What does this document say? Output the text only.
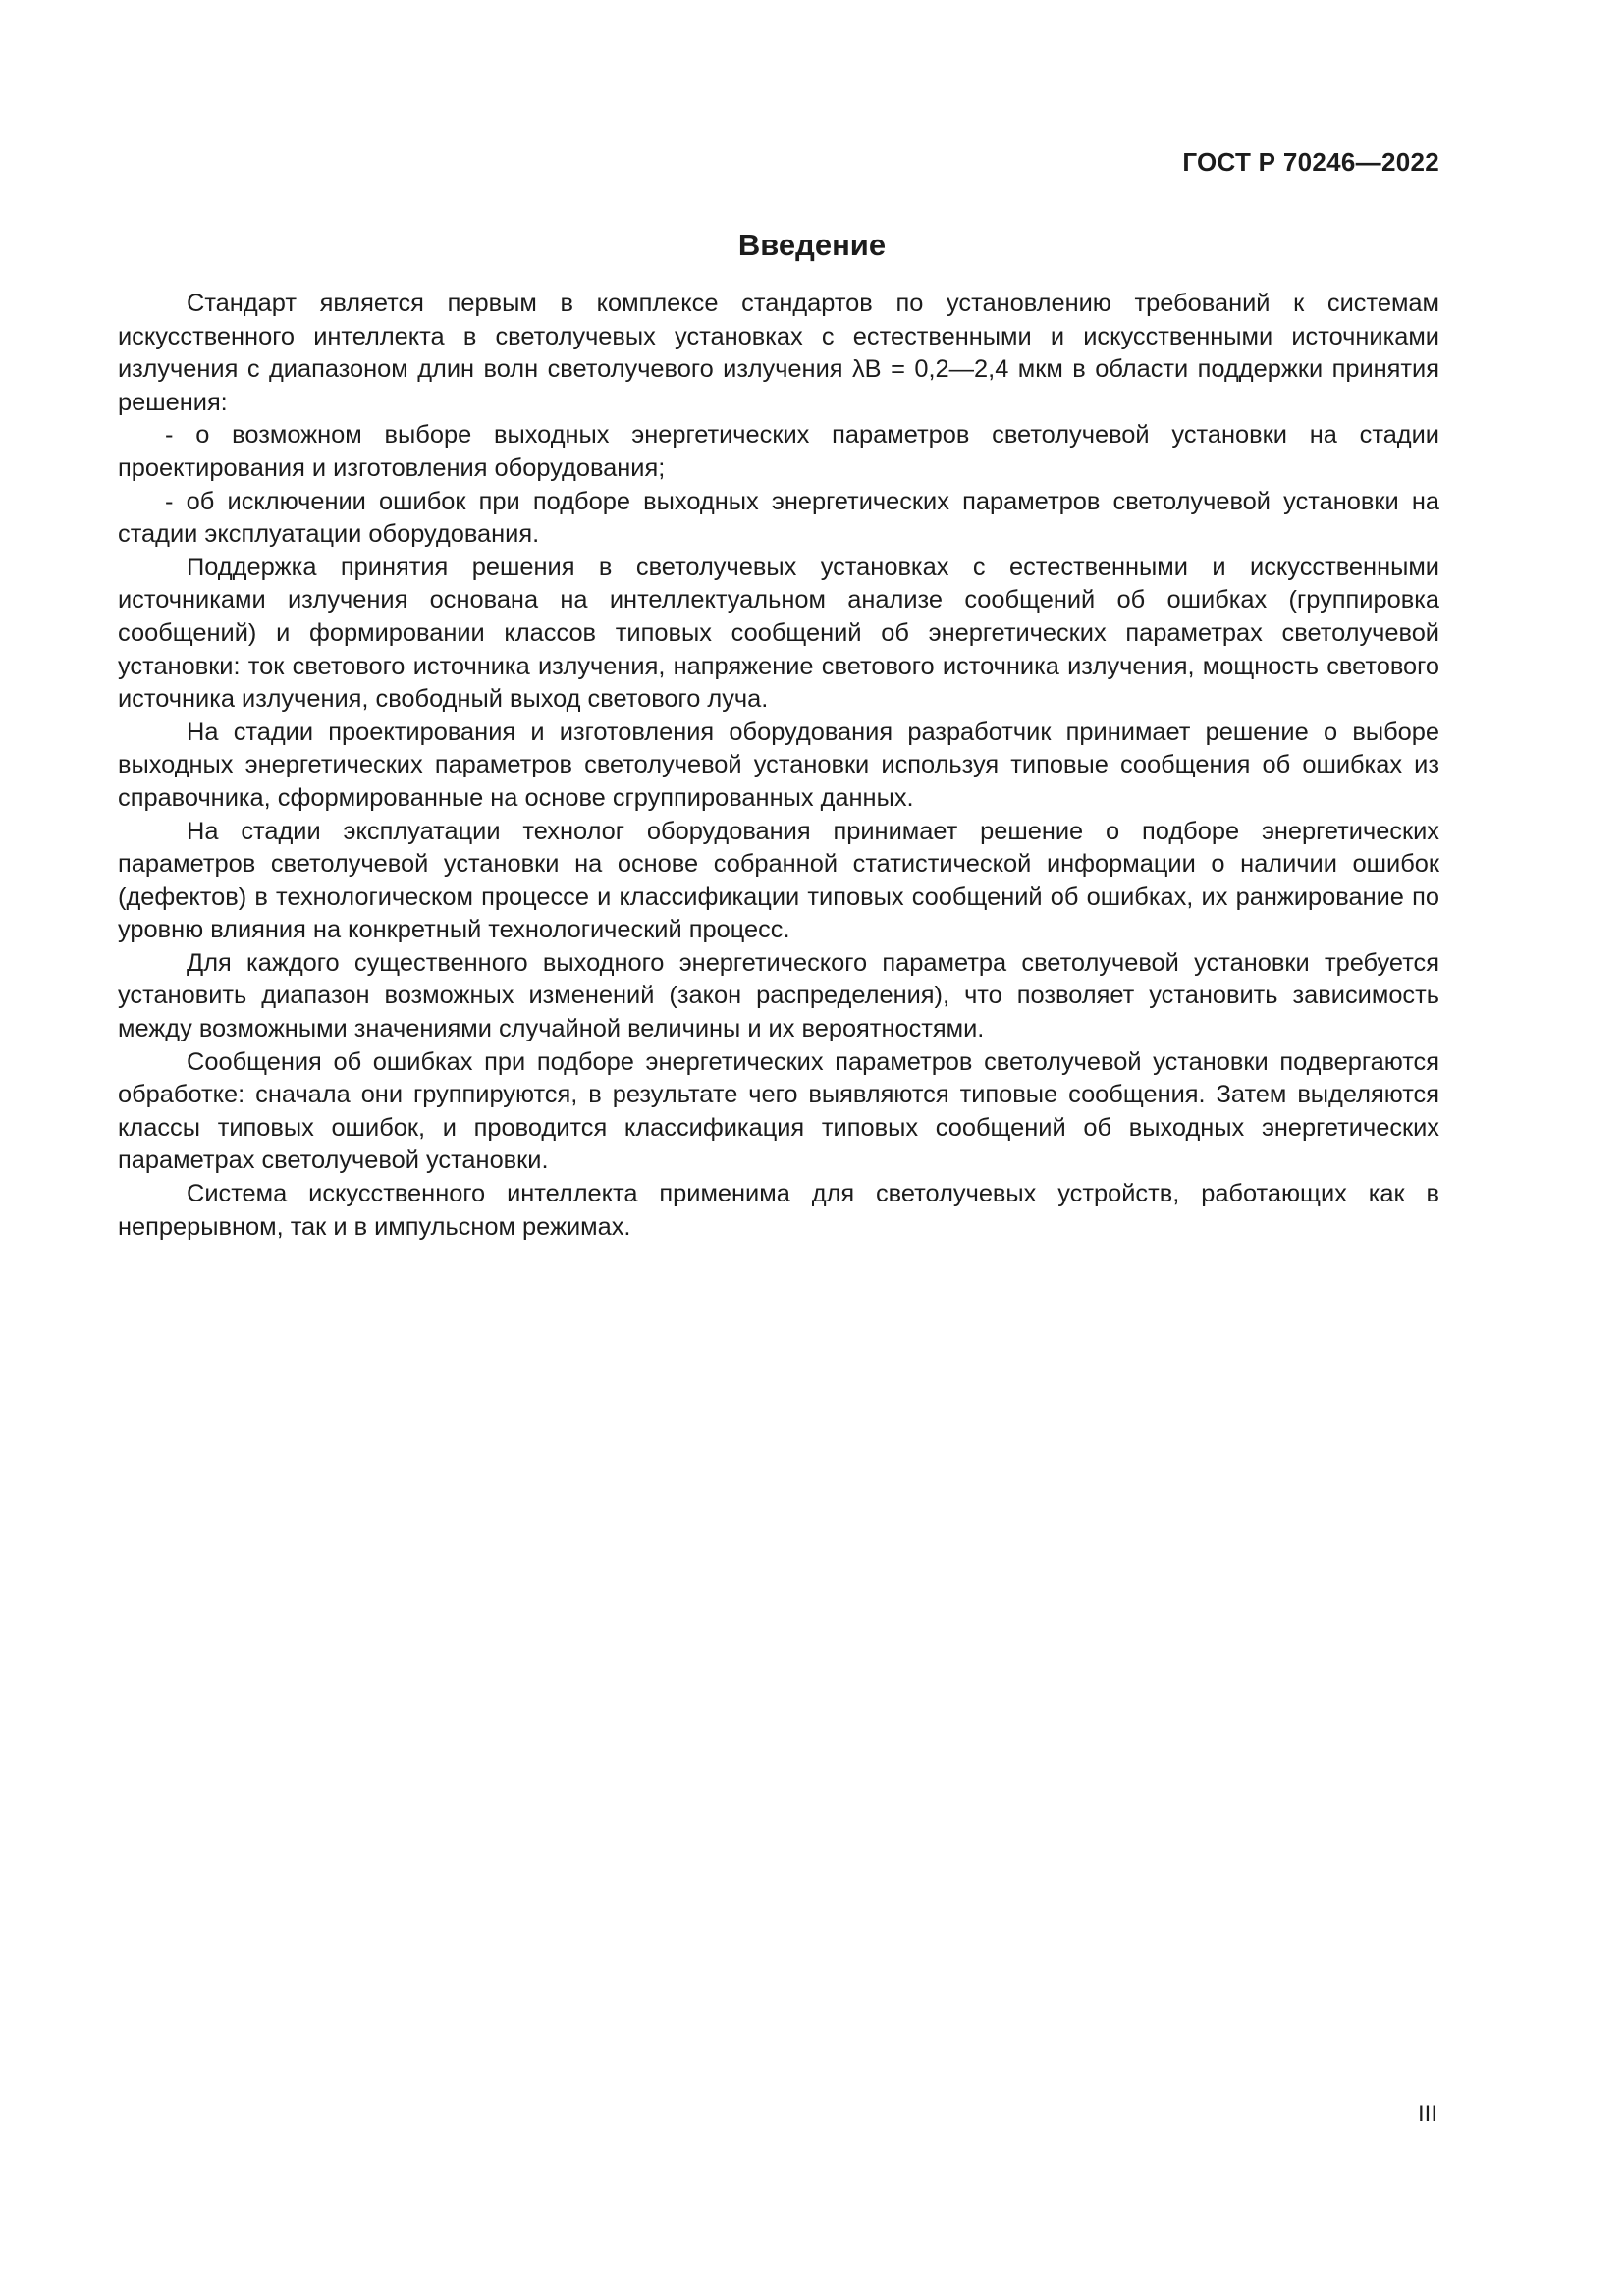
ГОСТ Р 70246—2022
Введение

Стандарт является первым в комплексе стандартов по установлению требований к системам искусственного интеллекта в светолучевых установках с естественными и искусственными источниками излучения с диапазоном длин волн светолучевого излучения λB = 0,2—2,4 мкм в области поддержки принятия решения:

- о возможном выборе выходных энергетических параметров светолучевой установки на стадии проектирования и изготовления оборудования;

- об исключении ошибок при подборе выходных энергетических параметров светолучевой установки на стадии эксплуатации оборудования.

Поддержка принятия решения в светолучевых установках с естественными и искусственными источниками излучения основана на интеллектуальном анализе сообщений об ошибках (группировка сообщений) и формировании классов типовых сообщений об энергетических параметрах светолучевой установки: ток светового источника излучения, напряжение светового источника излучения, мощность светового источника излучения, свободный выход светового луча.

На стадии проектирования и изготовления оборудования разработчик принимает решение о выборе выходных энергетических параметров светолучевой установки используя типовые сообщения об ошибках из справочника, сформированные на основе сгруппированных данных.

На стадии эксплуатации технолог оборудования принимает решение о подборе энергетических параметров светолучевой установки на основе собранной статистической информации о наличии ошибок (дефектов) в технологическом процессе и классификации типовых сообщений об ошибках, их ранжирование по уровню влияния на конкретный технологический процесс.

Для каждого существенного выходного энергетического параметра светолучевой установки требуется установить диапазон возможных изменений (закон распределения), что позволяет установить зависимость между возможными значениями случайной величины и их вероятностями.

Сообщения об ошибках при подборе энергетических параметров светолучевой установки подвергаются обработке: сначала они группируются, в результате чего выявляются типовые сообщения. Затем выделяются классы типовых ошибок, и проводится классификация типовых сообщений об выходных энергетических параметрах светолучевой установки.

Система искусственного интеллекта применима для светолучевых устройств, работающих как в непрерывном, так и в импульсном режимах.

III
